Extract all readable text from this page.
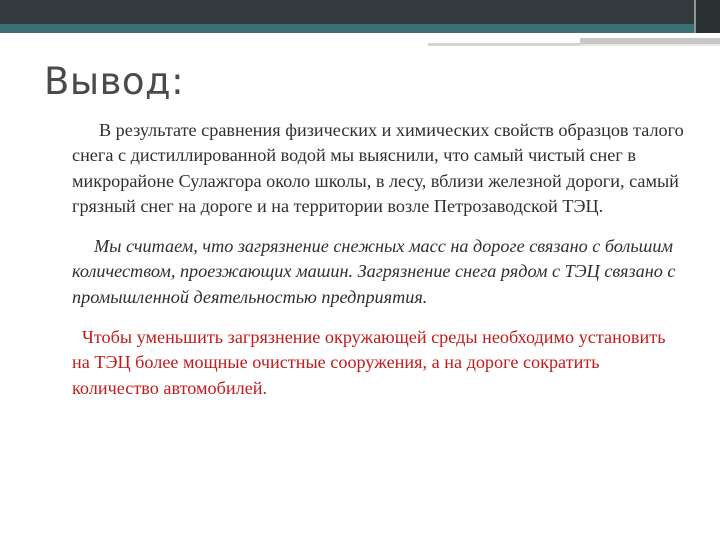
Вывод:

В результате сравнения физических и химических свойств образцов талого снега с дистиллированной водой мы выяснили, что самый чистый снег в микрорайоне Сулажгора около школы, в лесу, вблизи железной дороги, самый грязный снег на дороге и на территории возле Петрозаводской ТЭЦ.

Мы считаем, что загрязнение снежных масс на дороге связано с большим количеством, проезжающих машин. Загрязнение снега рядом с ТЭЦ связано с промышленной деятельностью предприятия.

Чтобы уменьшить загрязнение окружающей среды необходимо установить на ТЭЦ более мощные очистные сооружения, а на дороге сократить количество автомобилей.
